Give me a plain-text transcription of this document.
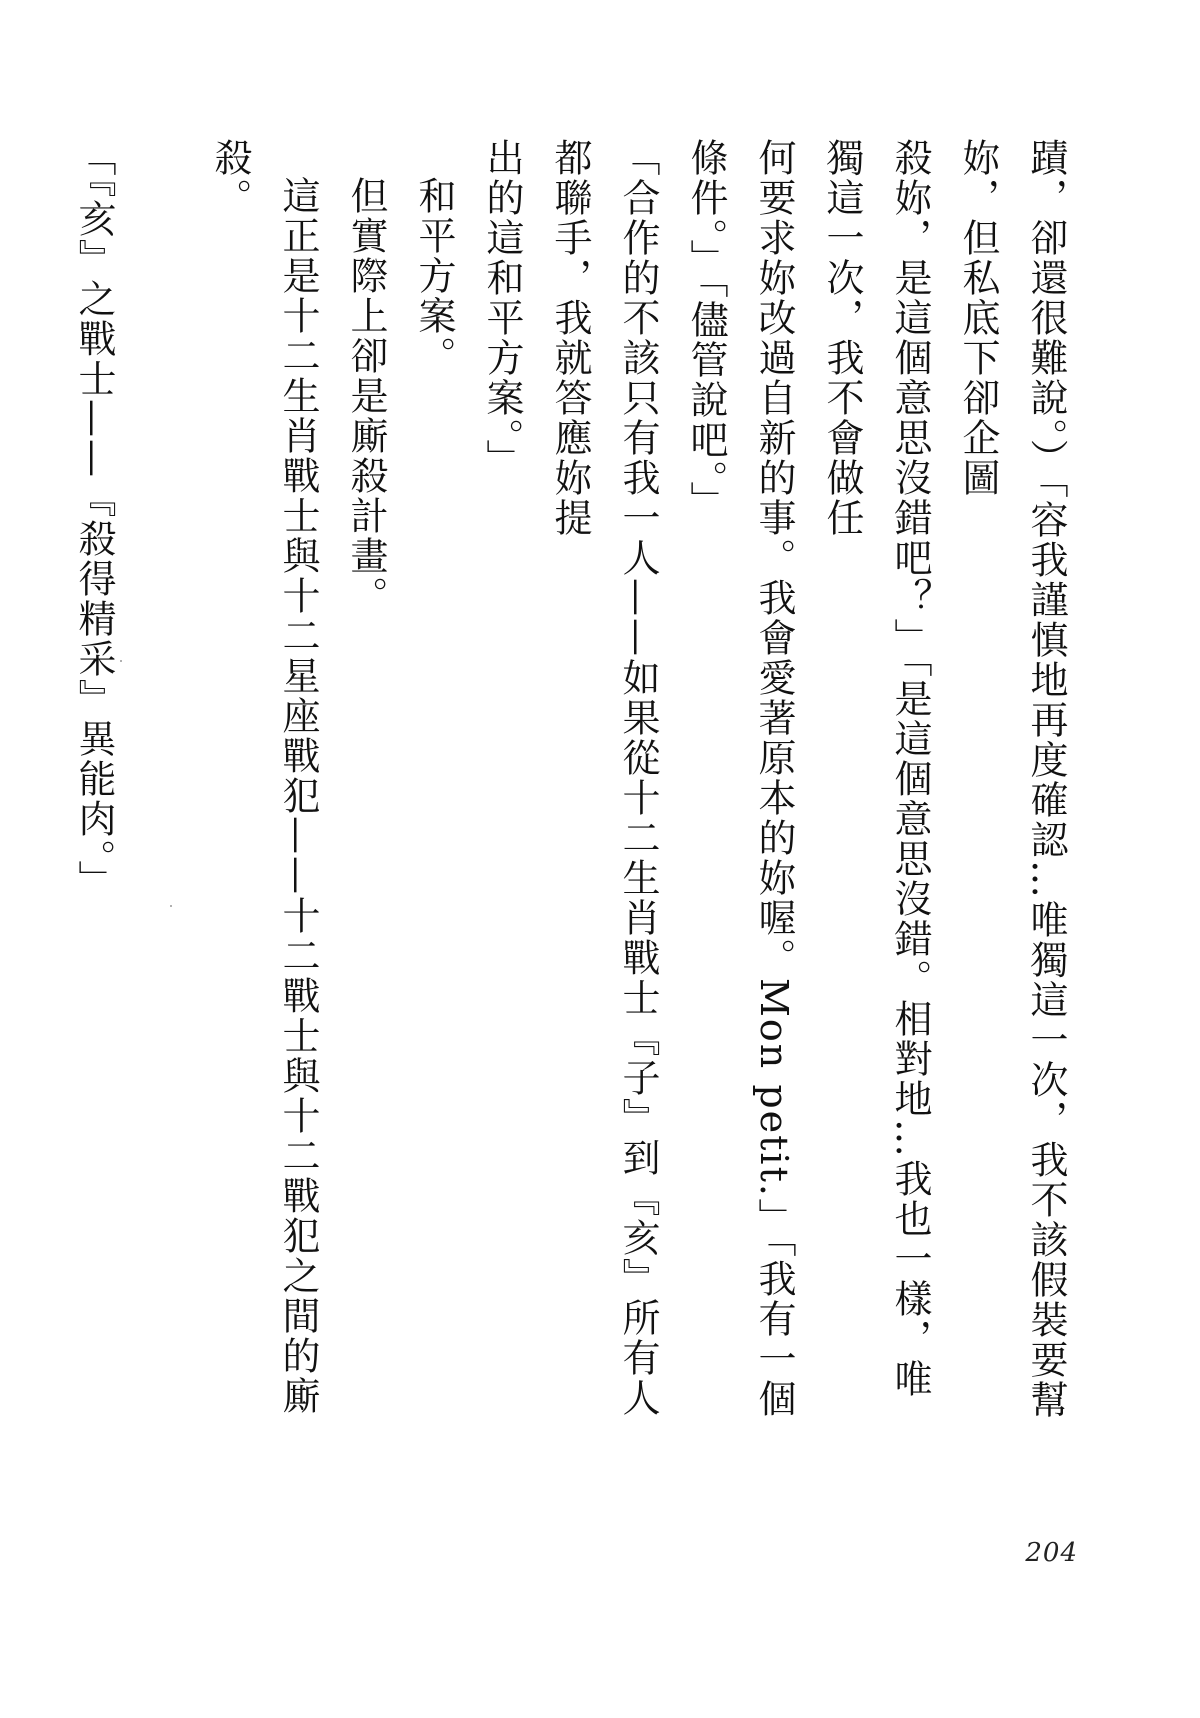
蹟，卻還很難說。）「容我謹慎地再度確認…唯獨這一次，我不該假裝要幫妳，但私底下卻企圖
殺妳，是這個意思沒錯吧？」「是這個意思沒錯。相對地…我也一樣，唯獨這一次，我不會做任
何要求妳改過自新的事。我會愛著原本的妳喔。Mon petit.」「我有一個條件。」「儘管說吧。」
「合作的不該只有我一人——如果從十二生肖戰士『子』到『亥』所有人都聯手，我就答應妳提
出的這和平方案。」
和平方案。
但實際上卻是廝殺計畫。
這正是十二生肖戰士與十二星座戰犯——十二戰士與十二戰犯之間的廝殺。
「『亥』之戰士——『殺得精采』異能肉。」
204
